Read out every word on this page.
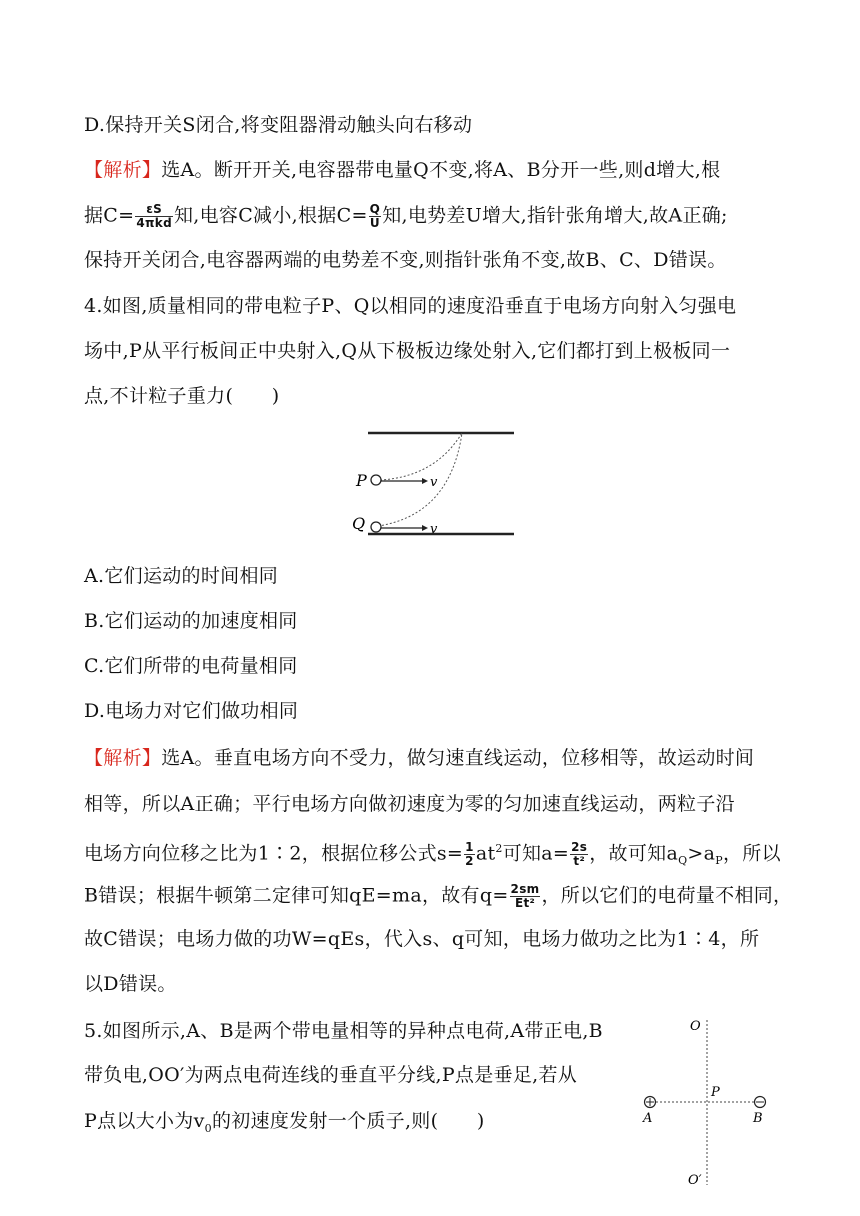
D.保持开关S闭合,将变阻器滑动触头向右移动
【解析】选A。断开开关,电容器带电量Q不变,将A、B分开一些,则d增大,根
据$C= \frac{\varepsilon S}{\text{4πkd}}$ 知,电容C减小,根据$C= \frac{Q}{U}$ 知,电势差U增大,指针张角增大,故A正确;
保持开关闭合,电容器两端的电势差不变,则指针张角不变,故B、C、D错误。
4.如图,质量相同的带电粒子P、Q以相同的速度沿垂直于电场方向射入匀强电
场中,P从平行板间正中央射入,Q从下极板边缘处射入,它们都打到上极板同一
点,不计粒子重力(　　)
P
Q
v
v
A.它们运动的时间相同
B.它们运动的加速度相同
C.它们所带的电荷量相同
D.电场力对它们做功相同
【解析】选A。垂直电场方向不受力，做匀速直线运动，位移相等，故运动时间
相等，所以A正确；平行电场方向做初速度为零的匀加速直线运动，两粒子沿
电场方向位移之比为1∶2，根据位移公式$s= \frac{1}{2} at^2$可知$a= \frac{2s}{\text{t²}}$ ，故可知$a_Q>a_P$，所以
B错误；根据牛顿第二定律可知qE=ma，故有$q= \frac{2sm}{\text{Et²}}$ ，所以它们的电荷量不相同，
故C错误；电场力做的功W=qEs，代入s、q可知，电场力做功之比为1∶4，所
以D错误。
5.如图所示,A、B是两个带电量相等的异种点电荷,A带正电,B
带负电,OO′为两点电荷连线的垂直平分线,P点是垂足,若从
P点以大小为$v_0$的初速度发射一个质子,则(　　)
O
O′
A	B
P
